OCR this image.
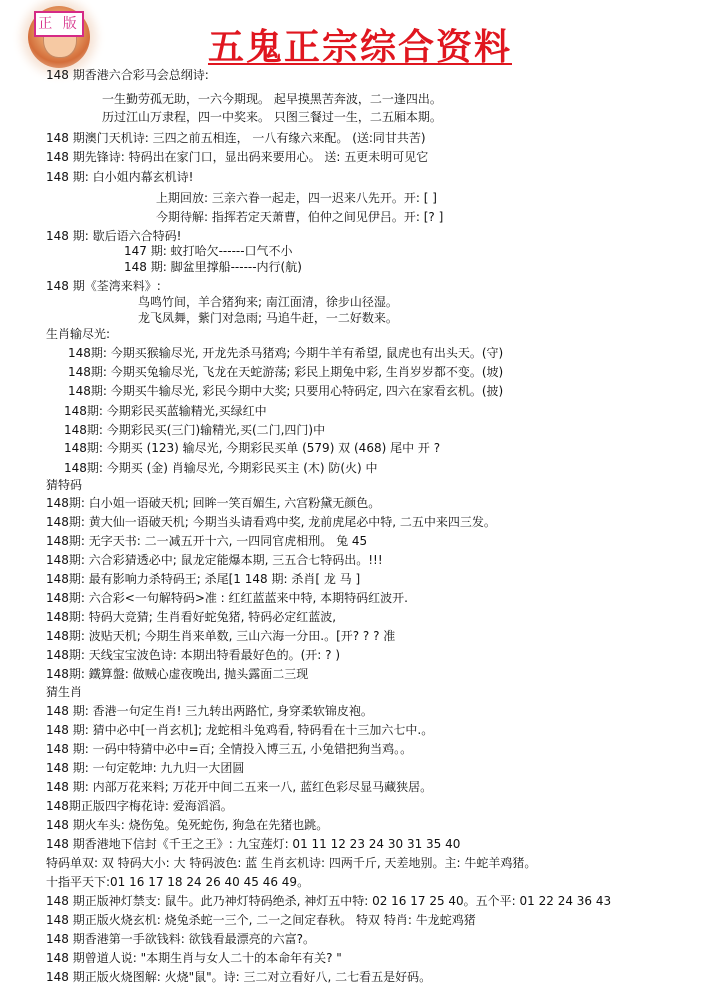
正 版
五鬼正宗综合资料
148 期香港六合彩马会总纲诗:
一生勤劳孤无助，一六今期现。 起早摸黑苦奔波，二一逢四出。
历过江山万隶程，四一中奖来。 只图三餐过一生，二五厢本期。
148 期澳门天机诗: 三四之前五相连， 一八有缘六来配。 (送:同甘共苦)
148 期先锋诗: 特码出在家门口，显出码来要用心。 送: 五更未明可见它
148 期: 白小姐内幕玄机诗!
上期回放: 三亲六眷一起走，四一迟来八先开。开: [ ]
今期待解: 指挥若定天萧曹，伯仲之间见伊吕。开: [? ]
148 期: 歇后语六合特码!
147 期: 蚊打哈欠------口气不小
148 期: 脚盆里撑船------内行(航)
148 期《荃湾来料》:
鸟鸣竹间，羊合猪狗来; 南江面清，徐步山径湿。
龙飞凤舞，紫门对急雨; 马追牛赶，一二好数来。
生肖输尽光:
148期: 今期买猴输尽光, 开龙先杀马猪鸡; 今期牛羊有希望, 鼠虎也有出头天。(守)
148期: 今期买兔输尽光, 飞龙在天蛇游荡; 彩民上期兔中彩, 生肖岁岁都不变。(坡)
148期: 今期买牛输尽光, 彩民今期中大奖; 只要用心特码定, 四六在家看玄机。(披)
148期: 今期彩民买蓝输精光,买绿红中
148期: 今期彩民买(三门)输精光,买(二门,四门)中
148期: 今期买 (123) 输尽光, 今期彩民买单 (579) 双 (468) 尾中 开 ?
148期: 今期买 (金) 肖输尽光, 今期彩民买主 (木) 防(火) 中
猜特码
148期: 白小姐一语破天机; 回眸一笑百媚生, 六宫粉黛无颜色。
148期: 黄大仙一语破天机; 今期当头请看鸡中奖, 龙前虎尾必中特, 二五中来四三发。
148期: 无字天书: 二一减五开十六, 一四同官虎相刑。 兔 45
148期: 六合彩猜透必中; 鼠龙定能爆本期, 三五合七特码出。!!!
148期: 最有影响力杀特码王; 杀尾[1 148 期: 杀肖[ 龙 马 ]
148期: 六合彩<一句解特码>准 : 红红蓝蓝来中特, 本期特码红波开.
148期: 特码大竞猜; 生肖看好蛇兔猪, 特码必定红蓝波,
148期: 波贴天机; 今期生肖来单数, 三山六海一分田.。[开? ? ? 准
148期: 天线宝宝波色诗: 本期出特看最好色的。(开: ? )
148期: 鐵算盤: 做贼心虚夜晚出, 抛头露面二三现
猜生肖
148 期: 香港一句定生肖! 三九转出两路忙, 身穿柔软锦皮袍。
148 期: 猜中必中[一肖玄机]; 龙蛇相斗兔鸡看, 特码看在十三加六七中.。
148 期: 一码中特猜中必中=百; 全情投入博三五, 小兔错把狗当鸡。。
148 期: 一句定乾坤: 九九归一大团圆
148 期: 内部万花来料; 万花开中间二五来一八, 蓝红色彩尽显马藏狭居。
148期正版四字梅花诗: 爱海滔滔。
148 期火车头: 烧伤兔。兔死蛇伤, 狗急在先猪也跳。
148 期香港地下信封《千王之王》: 九宝莲灯: 01 11 12 23 24 30 31 35 40
特码单双: 双 特码大小: 大 特码波色: 蓝 生肖玄机诗: 四两千斤, 天差地别。主: 牛蛇羊鸡猪。
十指平天下:01 16 17 18 24 26 40 45 46 49。
148 期正版神灯禁支: 鼠牛。此乃神灯特码绝杀, 神灯五中特: 02 16 17 25 40。五个平: 01 22 24 36 43
148 期正版火烧玄机: 烧兔杀蛇一三个, 二一之间定春秋。 特双 特肖: 牛龙蛇鸡猪
148 期香港第一手欲钱料: 欲钱看最漂亮的六富?。
148 期曾道人说: "本期生肖与女人二十的本命年有关? "
148 期正版火烧图解: 火烧"鼠"。诗: 三二对立看好八, 二七看五是好码。
